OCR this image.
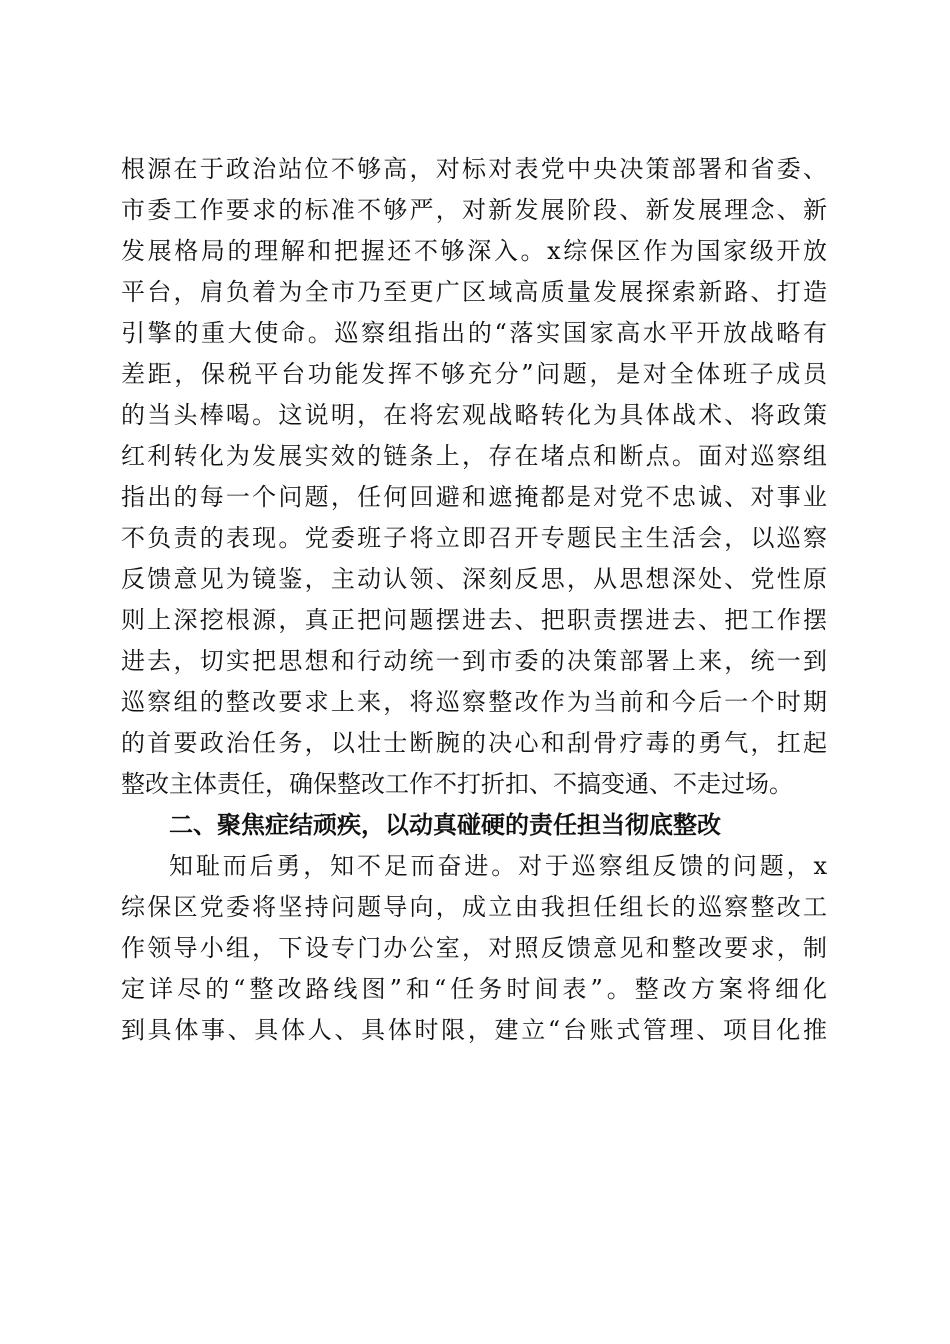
根源在于政治站位不够高，对标对表党中央决策部署和省委、
市委工作要求的标准不够严，对新发展阶段、新发展理念、新
发展格局的理解和把握还不够深入。x综保区作为国家级开放
平台，肩负着为全市乃至更广区域高质量发展探索新路、打造
引擎的重大使命。巡察组指出的“落实国家高水平开放战略有
差距，保税平台功能发挥不够充分”问题，是对全体班子成员
的当头棒喝。这说明，在将宏观战略转化为具体战术、将政策
红利转化为发展实效的链条上，存在堵点和断点。面对巡察组
指出的每一个问题，任何回避和遮掩都是对党不忠诚、对事业
不负责的表现。党委班子将立即召开专题民主生活会，以巡察
反馈意见为镜鉴，主动认领、深刻反思，从思想深处、党性原
则上深挖根源，真正把问题摆进去、把职责摆进去、把工作摆
进去，切实把思想和行动统一到市委的决策部署上来，统一到
巡察组的整改要求上来，将巡察整改作为当前和今后一个时期
的首要政治任务，以壮士断腕的决心和刮骨疗毒的勇气，扛起
整改主体责任，确保整改工作不打折扣、不搞变通、不走过场。
二、聚焦症结顽疾，以动真碰硬的责任担当彻底整改
知耻而后勇，知不足而奋进。对于巡察组反馈的问题，x
综保区党委将坚持问题导向，成立由我担任组长的巡察整改工
作领导小组，下设专门办公室，对照反馈意见和整改要求，制
定详尽的“整改路线图”和“任务时间表”。整改方案将细化
到具体事、具体人、具体时限，建立“台账式管理、项目化推
